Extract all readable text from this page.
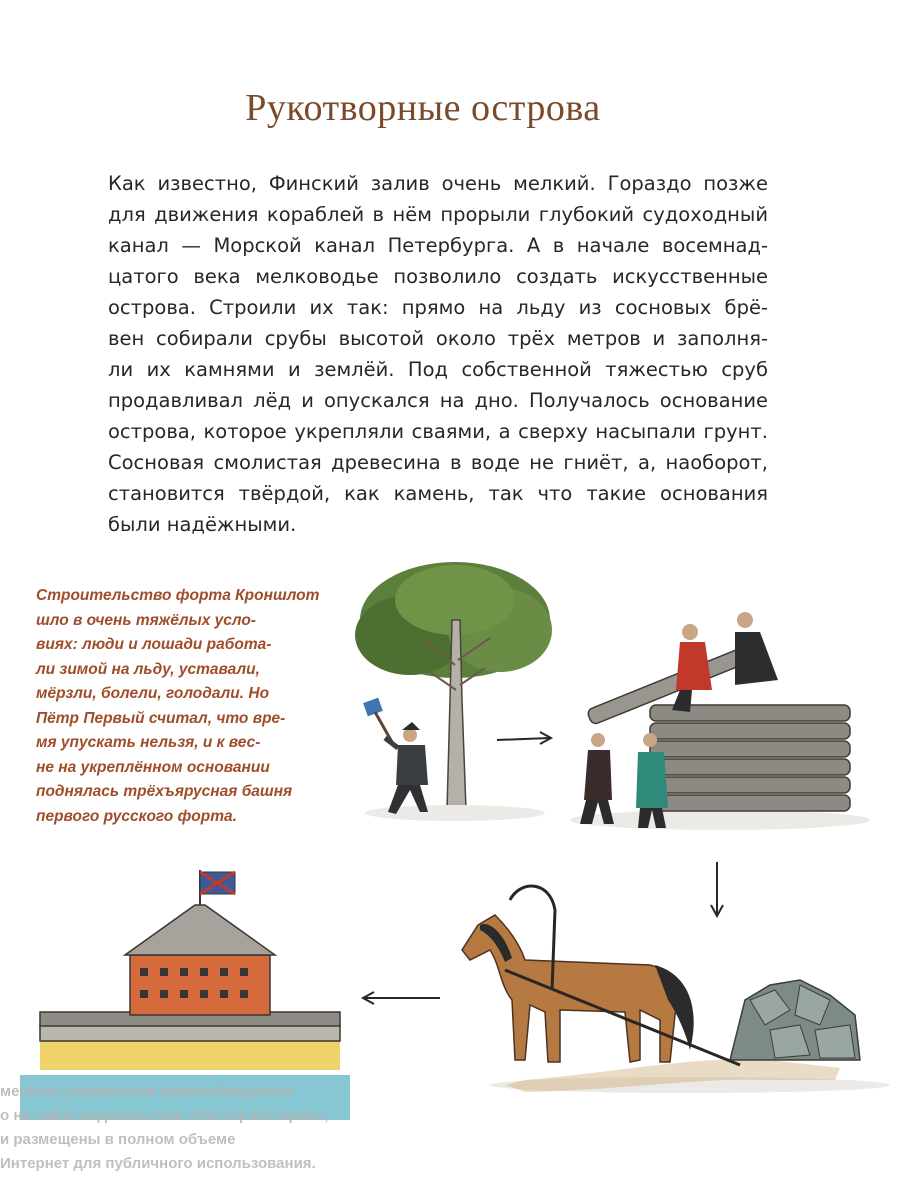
Рукотворные острова
Как известно, Финский залив очень мелкий. Гораздо позже
для движения кораблей в нём прорыли глубокий судоходный
канал — Морской канал Петербурга. А в начале восемнад-
цатого века мелководье позволило создать искусственные
острова. Строили их так: прямо на льду из сосновых брё-
вен собирали срубы высотой около трёх метров и заполня-
ли их камнями и землёй. Под собственной тяжестью сруб
продавливал лёд и опускался на дно. Получалось основание
острова, которое укрепляли сваями, а сверху насыпали грунт.
Сосновая смолистая древесина в воде не гниёт, а, наоборот,
становится твёрдой, как камень, так что такие основания
были надёжными.
Строительство форта Кроншлот
шло в очень тяжёлых усло-
виях: люди и лошади работа-
ли зимой на льду, уставали,
мёрзли, болели, голодали. Но
Пётр Первый считал, что вре-
мя упускать нельзя, и к вес-
не на укреплённом основании
поднялась трёхъярусная башня
первого русского форта.
менного разрешения правообладателя
о на сайте издательства «Нестор-История»,
и размещены в полном объеме
Интернет для публичного использования.
